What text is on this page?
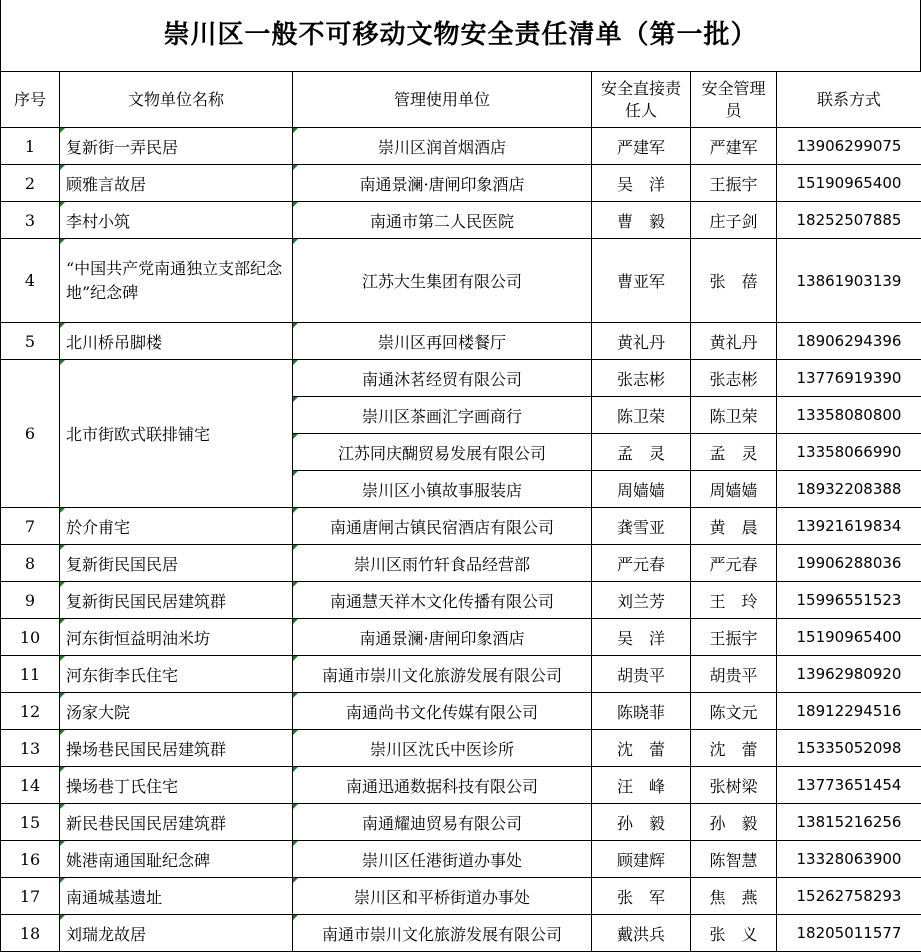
崇川区一般不可移动文物安全责任清单（第一批）
序号	文物单位名称	管理使用单位	安全直接责任人	安全管理员	联系方式
1	复新街一弄民居	崇川区润首烟酒店	严建军	严建军	13906299075
2	顾雅言故居	南通景澜·唐闸印象酒店	吴　洋	王振宇	15190965400
3	李村小筑	南通市第二人民医院	曹　毅	庄子剑	18252507885
4	“中国共产党南通独立支部纪念地”纪念碑	江苏大生集团有限公司	曹亚军	张　蓓	13861903139
5	北川桥吊脚楼	崇川区再回楼餐厅	黄礼丹	黄礼丹	18906294396
6	北市街欧式联排铺宅	南通沐茗经贸有限公司	张志彬	张志彬	13776919390
		崇川区茶画汇字画商行	陈卫荣	陈卫荣	13358080800
		江苏同庆醐贸易发展有限公司	孟　灵	孟　灵	13358066990
		崇川区小镇故事服装店	周嫱嫱	周嫱嫱	18932208388
7	於介甫宅	南通唐闸古镇民宿酒店有限公司	龚雪亚	黄　晨	13921619834
8	复新街民国民居	崇川区雨竹轩食品经营部	严元春	严元春	19906288036
9	复新街民国民居建筑群	南通慧天祥木文化传播有限公司	刘兰芳	王　玲	15996551523
10	河东街恒益明油米坊	南通景澜·唐闸印象酒店	吴　洋	王振宇	15190965400
11	河东街李氏住宅	南通市崇川文化旅游发展有限公司	胡贵平	胡贵平	13962980920
12	汤家大院	南通尚书文化传媒有限公司	陈晓菲	陈文元	18912294516
13	操场巷民国民居建筑群	崇川区沈氏中医诊所	沈　蕾	沈　蕾	15335052098
14	操场巷丁氏住宅	南通迅通数据科技有限公司	汪　峰	张树梁	13773651454
15	新民巷民国民居建筑群	南通耀迪贸易有限公司	孙　毅	孙　毅	13815216256
16	姚港南通国耻纪念碑	崇川区任港街道办事处	顾建辉	陈智慧	13328063900
17	南通城基遗址	崇川区和平桥街道办事处	张　军	焦　燕	15262758293
18	刘瑞龙故居	南通市崇川文化旅游发展有限公司	戴洪兵	张　义	18205011577
